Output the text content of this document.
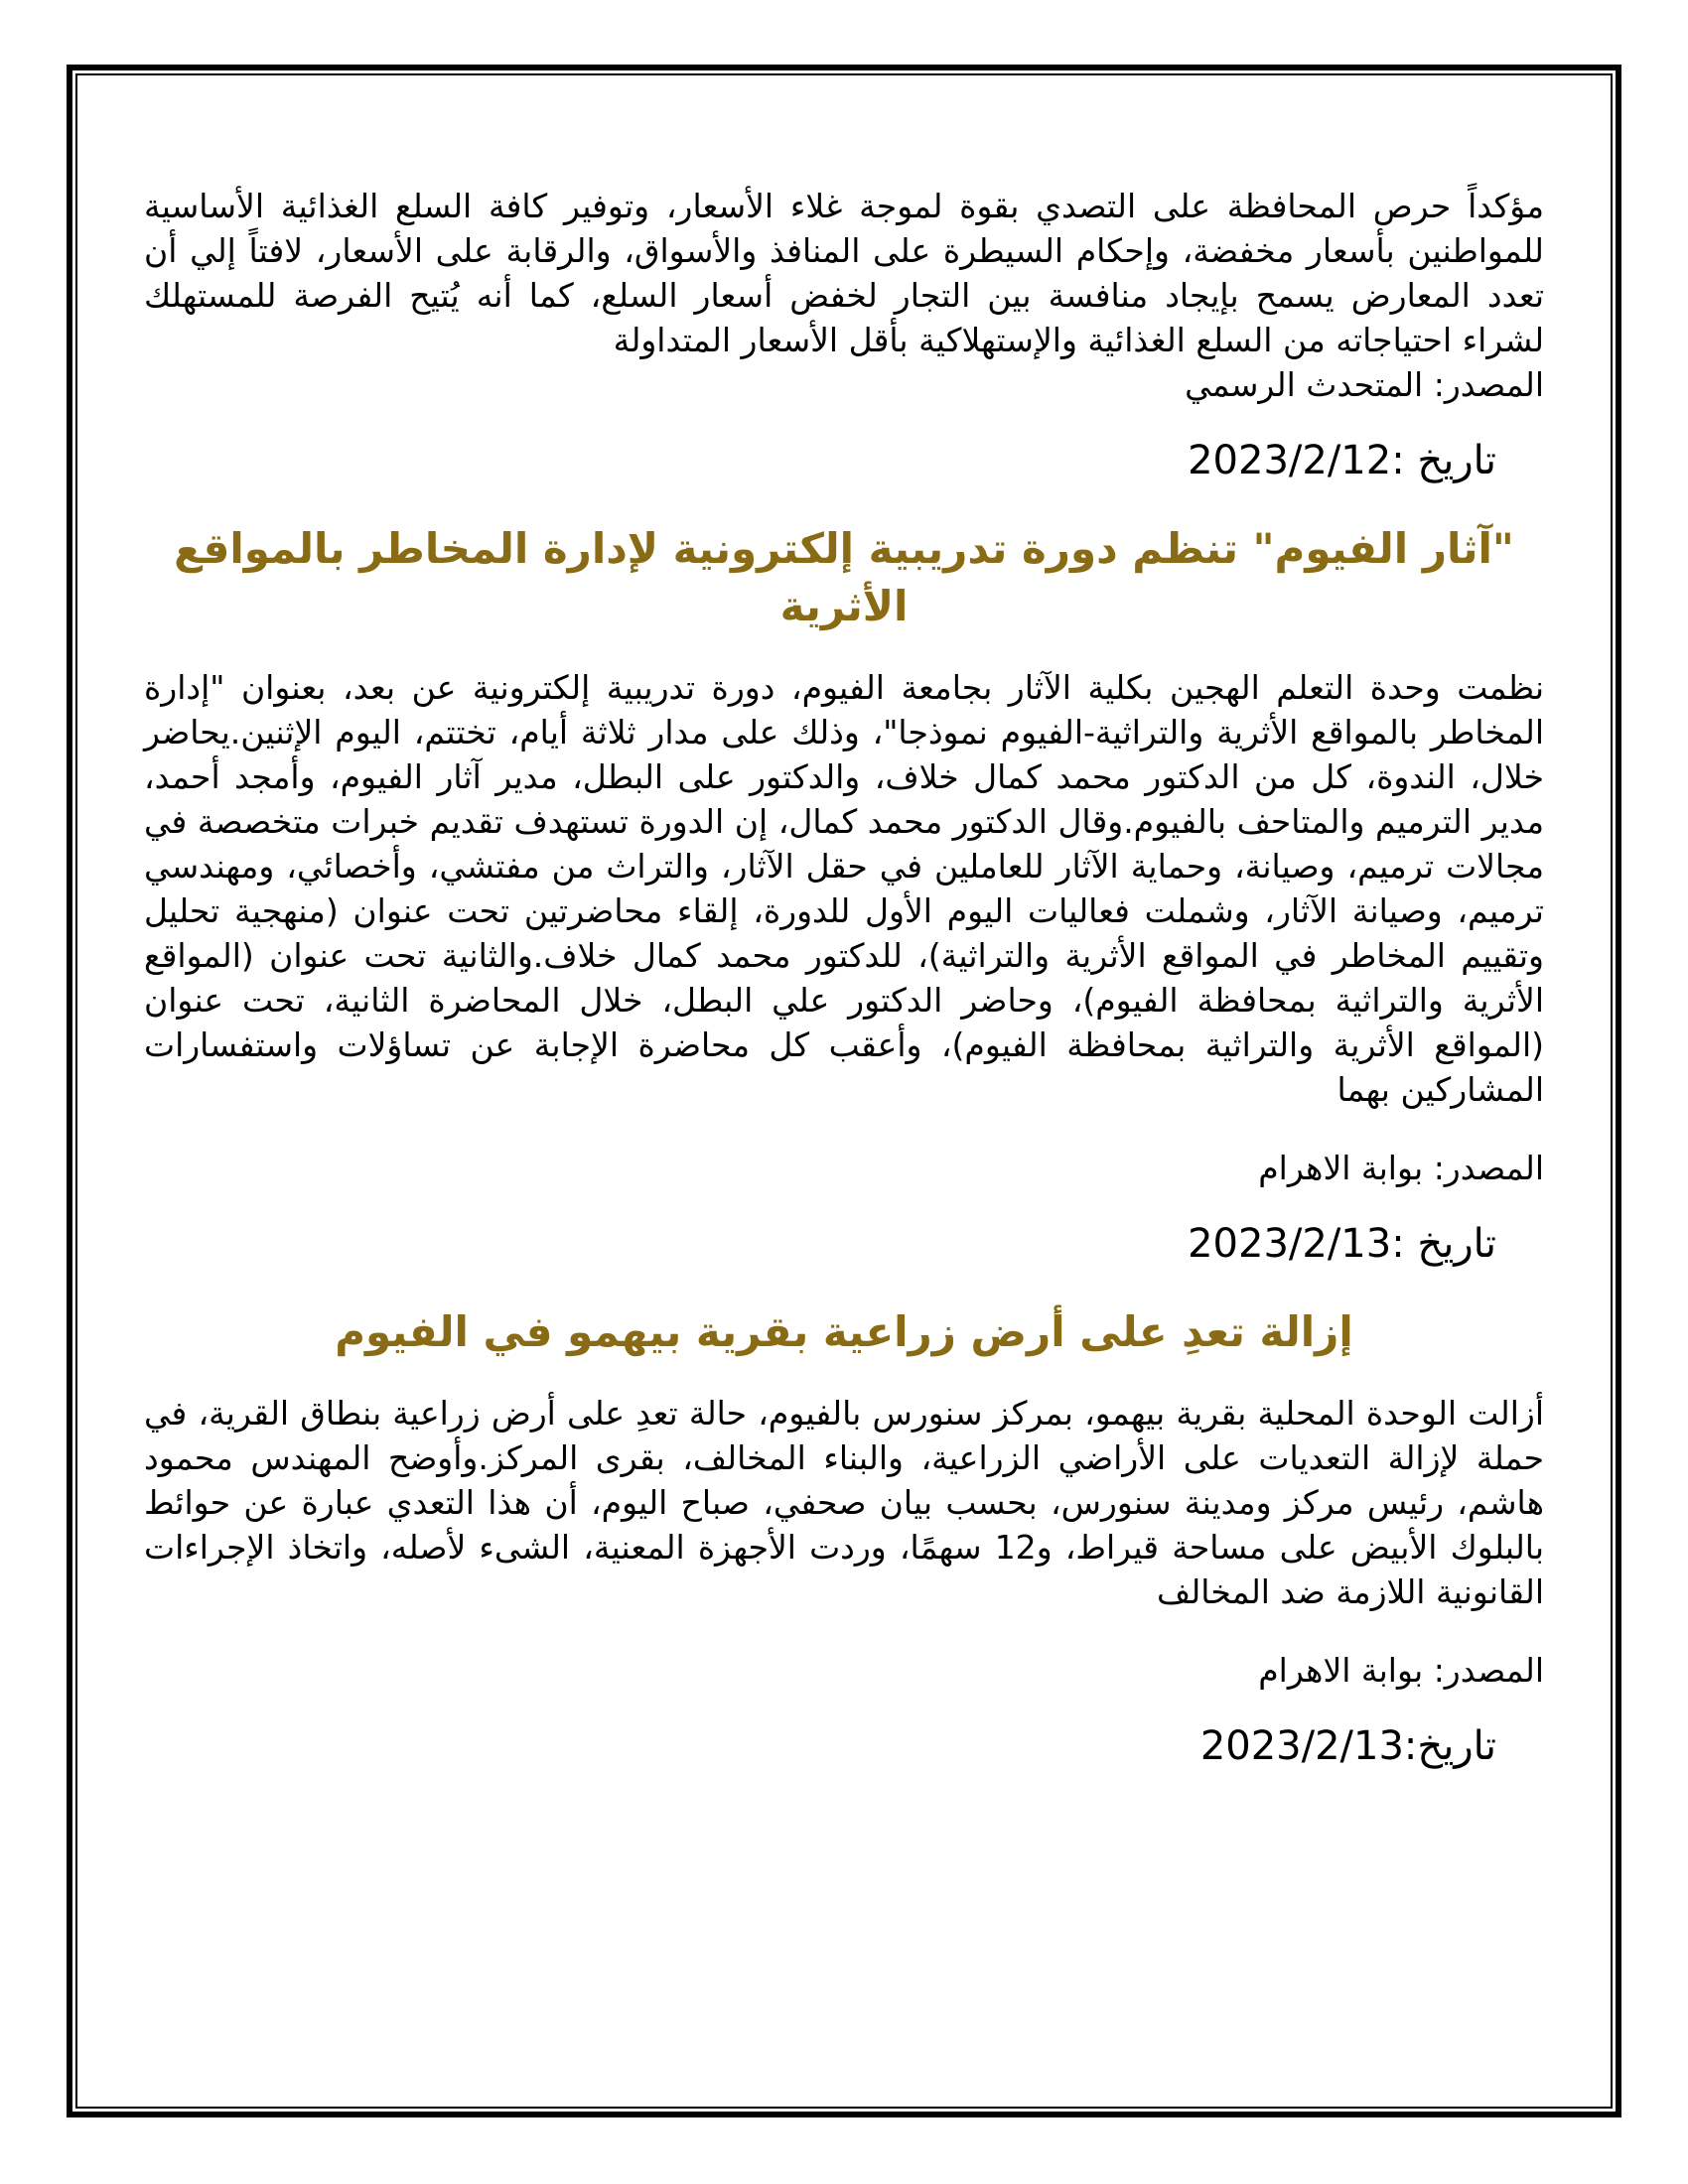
مؤكداً حرص المحافظة على التصدي بقوة لموجة غلاء الأسعار، وتوفير كافة السلع الغذائية الأساسية للمواطنين بأسعار مخفضة، وإحكام السيطرة على المنافذ والأسواق، والرقابة على الأسعار، لافتاً إلي أن تعدد المعارض يسمح بإيجاد منافسة بين التجار لخفض أسعار السلع، كما أنه يُتيح الفرصة للمستهلك لشراء احتياجاته من السلع الغذائية والإستهلاكية بأقل الأسعار المتداولة

المصدر: المتحدث الرسمي

تاريخ :2023/2/12

"آثار الفيوم" تنظم دورة تدريبية إلكترونية لإدارة المخاطر بالمواقع الأثرية

نظمت وحدة التعلم الهجين بكلية الآثار بجامعة الفيوم، دورة تدريبية إلكترونية عن بعد، بعنوان "إدارة المخاطر بالمواقع الأثرية والتراثية-الفيوم نموذجا"، وذلك على مدار ثلاثة أيام، تختتم، اليوم الإثنين.يحاضر خلال، الندوة، كل من الدكتور محمد كمال خلاف، والدكتور على البطل، مدير آثار الفيوم، وأمجد أحمد، مدير الترميم والمتاحف بالفيوم.وقال الدكتور محمد كمال، إن الدورة تستهدف تقديم خبرات متخصصة في مجالات ترميم، وصيانة، وحماية الآثار للعاملين في حقل الآثار، والتراث من مفتشي، وأخصائي، ومهندسي ترميم، وصيانة الآثار، وشملت فعاليات اليوم الأول للدورة، إلقاء محاضرتين تحت عنوان (منهجية تحليل وتقييم المخاطر في المواقع الأثرية والتراثية)، للدكتور محمد كمال خلاف.والثانية تحت عنوان (المواقع الأثرية والتراثية بمحافظة الفيوم)، وحاضر الدكتور علي البطل، خلال المحاضرة الثانية، تحت عنوان (المواقع الأثرية والتراثية بمحافظة الفيوم)، وأعقب كل محاضرة الإجابة عن تساؤلات واستفسارات المشاركين بهما

المصدر: بوابة الاهرام

تاريخ :2023/2/13

إزالة تعدِ على أرض زراعية بقرية بيهمو في الفيوم

أزالت الوحدة المحلية بقرية بيهمو، بمركز سنورس بالفيوم، حالة تعدِ على أرض زراعية بنطاق القرية، في حملة لإزالة التعديات على الأراضي الزراعية، والبناء المخالف، بقرى المركز.وأوضح المهندس محمود هاشم، رئيس مركز ومدينة سنورس، بحسب بيان صحفي، صباح اليوم، أن هذا التعدي عبارة عن حوائط بالبلوك الأبيض على مساحة قيراط، و12 سهمًا، وردت الأجهزة المعنية، الشىء لأصله، واتخاذ الإجراءات القانونية اللازمة ضد المخالف

المصدر: بوابة الاهرام

تاريخ:2023/2/13
